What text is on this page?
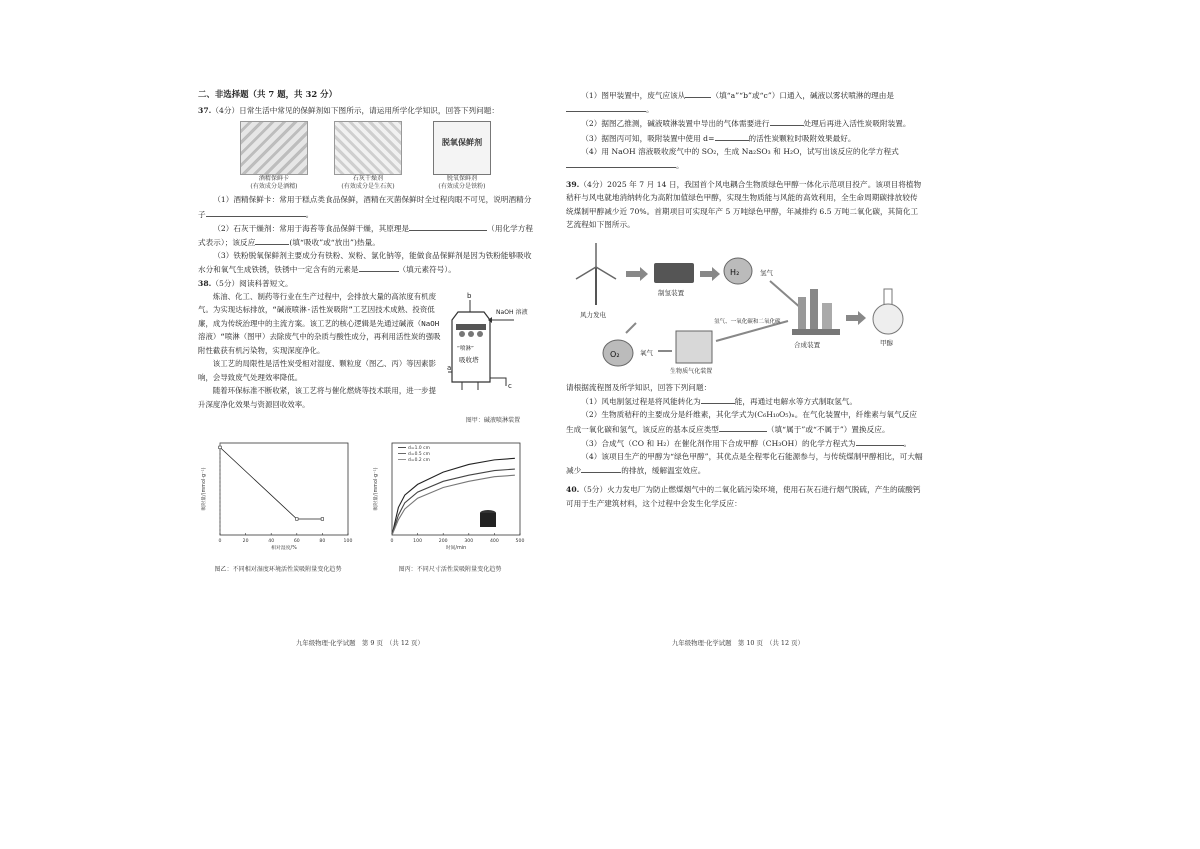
二、非选择题（共 7 题，共 32 分）

37.（4分）日常生活中常见的保鲜剂如下图所示，请运用所学化学知识，回答下列问题：

酒精保鲜卡
(有效成分是酒精)
石灰干燥剂
(有效成分是生石灰)
脱氧保鲜剂
脱氧保鲜剂
(有效成分是铁粉)

（1）酒精保鲜卡：常用于糕点类食品保鲜，酒精在灭菌保鲜时全过程肉眼不可见，说明酒精分子	。

（2）石灰干燥剂：常用于海苔等食品保鲜干燥，其原理是	（用化学方程式表示）；该反应	(填“吸收”或“放出”)热量。

（3）铁粉脱氧保鲜剂主要成分有铁粉、炭粉、氯化钠等，能做食品保鲜剂是因为铁粉能够吸收水分和氧气生成铁锈，铁锈中一定含有的元素是	（填元素符号）。

38.（5分）阅读科普短文。

炼油、化工、制药等行业在生产过程中，会排放大量的高浓度有机废气。为实现达标排放，“碱液喷淋-活性炭吸附”工艺因技术成熟、投资低廉，成为传统治理中的主流方案。该工艺的核心逻辑是先通过碱液（NaOH 溶液）“喷淋（图甲）去除废气中的杂质与酸性成分，再利用活性炭的强吸附性截获有机污染物，实现深度净化。

该工艺的局限性是活性炭受相对湿度、颗粒度（图乙、丙）等因素影响，会导致废气处理效率降低。

随着环保标准不断收紧，该工艺将与催化燃烧等技术联用，进一步提升深度净化效果与资源回收效率。

b
NaOH 溶液
“喷淋”
吸收塔
a
c
图甲：碱液喷淋装置
0	20	40	60	80	100
相对湿度/%
吸附量/(mmol·g⁻¹)
图乙：不同相对湿度环境活性炭吸附量变化趋势
0	100	200	300	400	500
时间/min
吸附量/(mmol·g⁻¹)
d=1.0 cm
d=0.5 cm
d=0.2 cm
图丙：不同尺寸活性炭吸附量变化趋势
九年级物理·化学试题　第 9 页　（共 12 页）

（1）图甲装置中，废气应该从	（填“a”“b”或“c”）口通入，碱液以雾状喷淋的理由是。

（2）据图乙推测，碱液喷淋装置中导出的气体需要进行	处理后再进入活性炭吸附装置。

（3）据图丙可知，吸附装置中使用 d=	的活性炭颗粒时吸附效果最好。

（4）用 NaOH 溶液吸收废气中的 SO₂，生成 Na₂SO₃ 和 H₂O，试写出该反应的化学方程式。

39.（4分）2025 年 7 月 14 日，我国首个风电耦合生物质绿色甲醇一体化示范项目投产。该项目将植物秸秆与风电就地消纳转化为高附加值绿色甲醇，实现生物质能与风能的高效利用，全生命周期碳排放较传统煤制甲醇减少近 70%。首期项目可实现年产 5 万吨绿色甲醇，年减排约 6.5 万吨二氧化碳，其简化工艺流程如下图所示。

风力发电
制氢装置
H₂	氢气
合成装置	甲醇
O₂	氧气
生物质气化装置
氢气、一氧化碳和二氧化碳

请根据流程图及所学知识，回答下列问题：

（1）风电制氢过程是将风能转化为	能，再通过电解水等方式制取氢气。

（2）生物质秸秆的主要成分是纤维素，其化学式为(C₆H₁₀O₅)ₙ。在气化装置中，纤维素与氧气反应生成一氧化碳和氢气，该反应的基本反应类型	（填“属于”或“不属于”）置换反应。

（3）合成气（CO 和 H₂）在催化剂作用下合成甲醇（CH₃OH）的化学方程式为	。

（4）该项目生产的甲醇为“绿色甲醇”，其优点是全程零化石能源参与，与传统煤制甲醇相比，可大幅减少	的排放，缓解温室效应。

40.（5分）火力发电厂为防止燃煤烟气中的二氧化硫污染环境，使用石灰石进行烟气脱硫，产生的硫酸钙可用于生产建筑材料，这个过程中会发生化学反应：

九年级物理·化学试题　第 10 页　（共 12 页）
